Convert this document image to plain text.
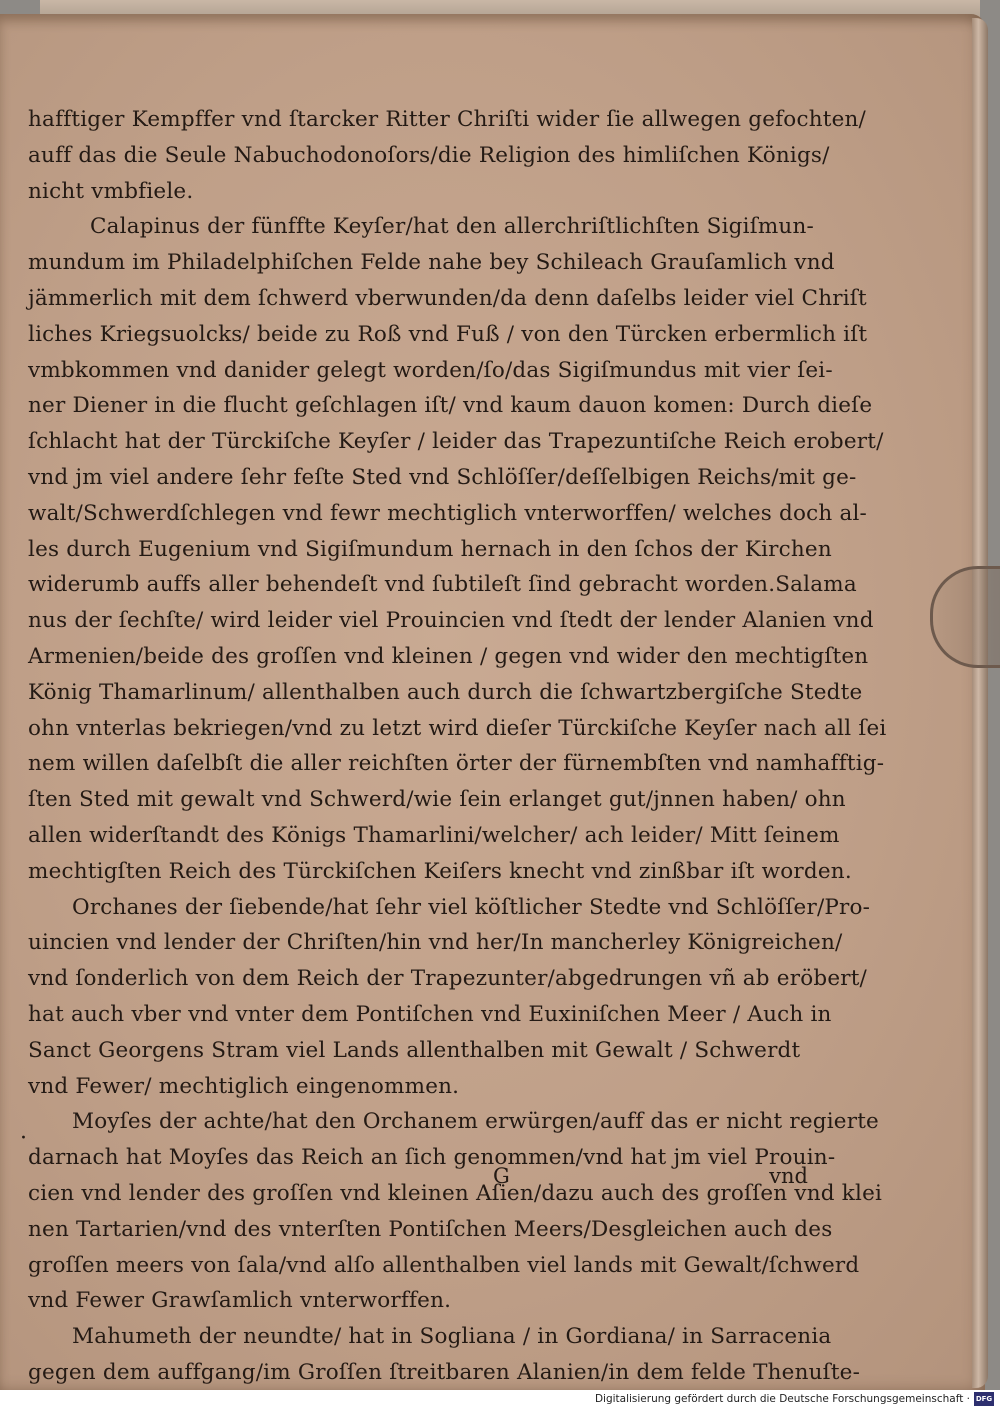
hafftiger Kempffer vnd ſtarcker Ritter Chriſti wider ſie allwegen gefochten/
auff das die Seule Nabuchodonoſors/die Religion des himliſchen Königs/
nicht vmbfiele.
Calapinus der fünffte Keyſer/hat den allerchriſtlichſten Sigiſmun-
mundum im Philadelphiſchen Felde nahe bey Schileach Grauſamlich vnd
jämmerlich mit dem ſchwerd vberwunden/da denn daſelbs leider viel Chriſt
liches Kriegsuolcks/ beide zu Roß vnd Fuß / von den Türcken erbermlich iſt
vmbkommen vnd danider gelegt worden/ſo/das Sigiſmundus mit vier ſei-
ner Diener in die flucht geſchlagen iſt/ vnd kaum dauon komen: Durch dieſe
ſchlacht hat der Türckiſche Keyſer / leider das Trapezuntiſche Reich erobert/
vnd jm viel andere ſehr feſte Sted vnd Schlöſſer/deſſelbigen Reichs/mit ge-
walt/Schwerdſchlegen vnd fewr mechtiglich vnterworffen/ welches doch al-
les durch Eugenium vnd Sigiſmundum hernach in den ſchos der Kirchen
widerumb auffs aller behendeſt vnd ſubtileſt ſind gebracht worden.Salama
nus der ſechſte/ wird leider viel Prouincien vnd ſtedt der lender Alanien vnd
Armenien/beide des groſſen vnd kleinen / gegen vnd wider den mechtigſten
König Thamarlinum/ allenthalben auch durch die ſchwartzbergiſche Stedte
ohn vnterlas bekriegen/vnd zu letzt wird dieſer Türckiſche Keyſer nach all ſei
nem willen daſelbſt die aller reichſten örter der fürnembſten vnd namhafftig-
ſten Sted mit gewalt vnd Schwerd/wie ſein erlanget gut/jnnen haben/ ohn
allen widerſtandt des Königs Thamarlini/welcher/ ach leider/ Mitt ſeinem
mechtigſten Reich des Türckiſchen Keiſers knecht vnd zinßbar iſt worden.
Orchanes der ſiebende/hat ſehr viel köſtlicher Stedte vnd Schlöſſer/Pro-
uincien vnd lender der Chriſten/hin vnd her/In mancherley Königreichen/
vnd ſonderlich von dem Reich der Trapezunter/abgedrungen vñ ab eröbert/
hat auch vber vnd vnter dem Pontiſchen vnd Euxiniſchen Meer / Auch in
Sanct Georgens Stram viel Lands allenthalben mit Gewalt / Schwerdt
vnd Fewer/ mechtiglich eingenommen.
Moyſes der achte/hat den Orchanem erwürgen/auff das er nicht regierte
darnach hat Moyſes das Reich an ſich genommen/vnd hat jm viel Prouin-
cien vnd lender des groſſen vnd kleinen Aſien/dazu auch des groſſen vnd klei
nen Tartarien/vnd des vnterſten Pontiſchen Meers/Desgleichen auch des
groſſen meers von ſala/vnd alſo allenthalben viel lands mit Gewalt/ſchwerd
vnd Fewer Grawſamlich vnterworffen.
Mahumeth der neundte/ hat in Sogliana / in Gordiana/ in Sarracenia
gegen dem auffgang/im Groſſen ſtreitbaren Alanien/in dem felde Thenuſte-
·
G	vnd
Digitalisierung gefördert durch die Deutsche Forschungsgemeinschaft · DFG
